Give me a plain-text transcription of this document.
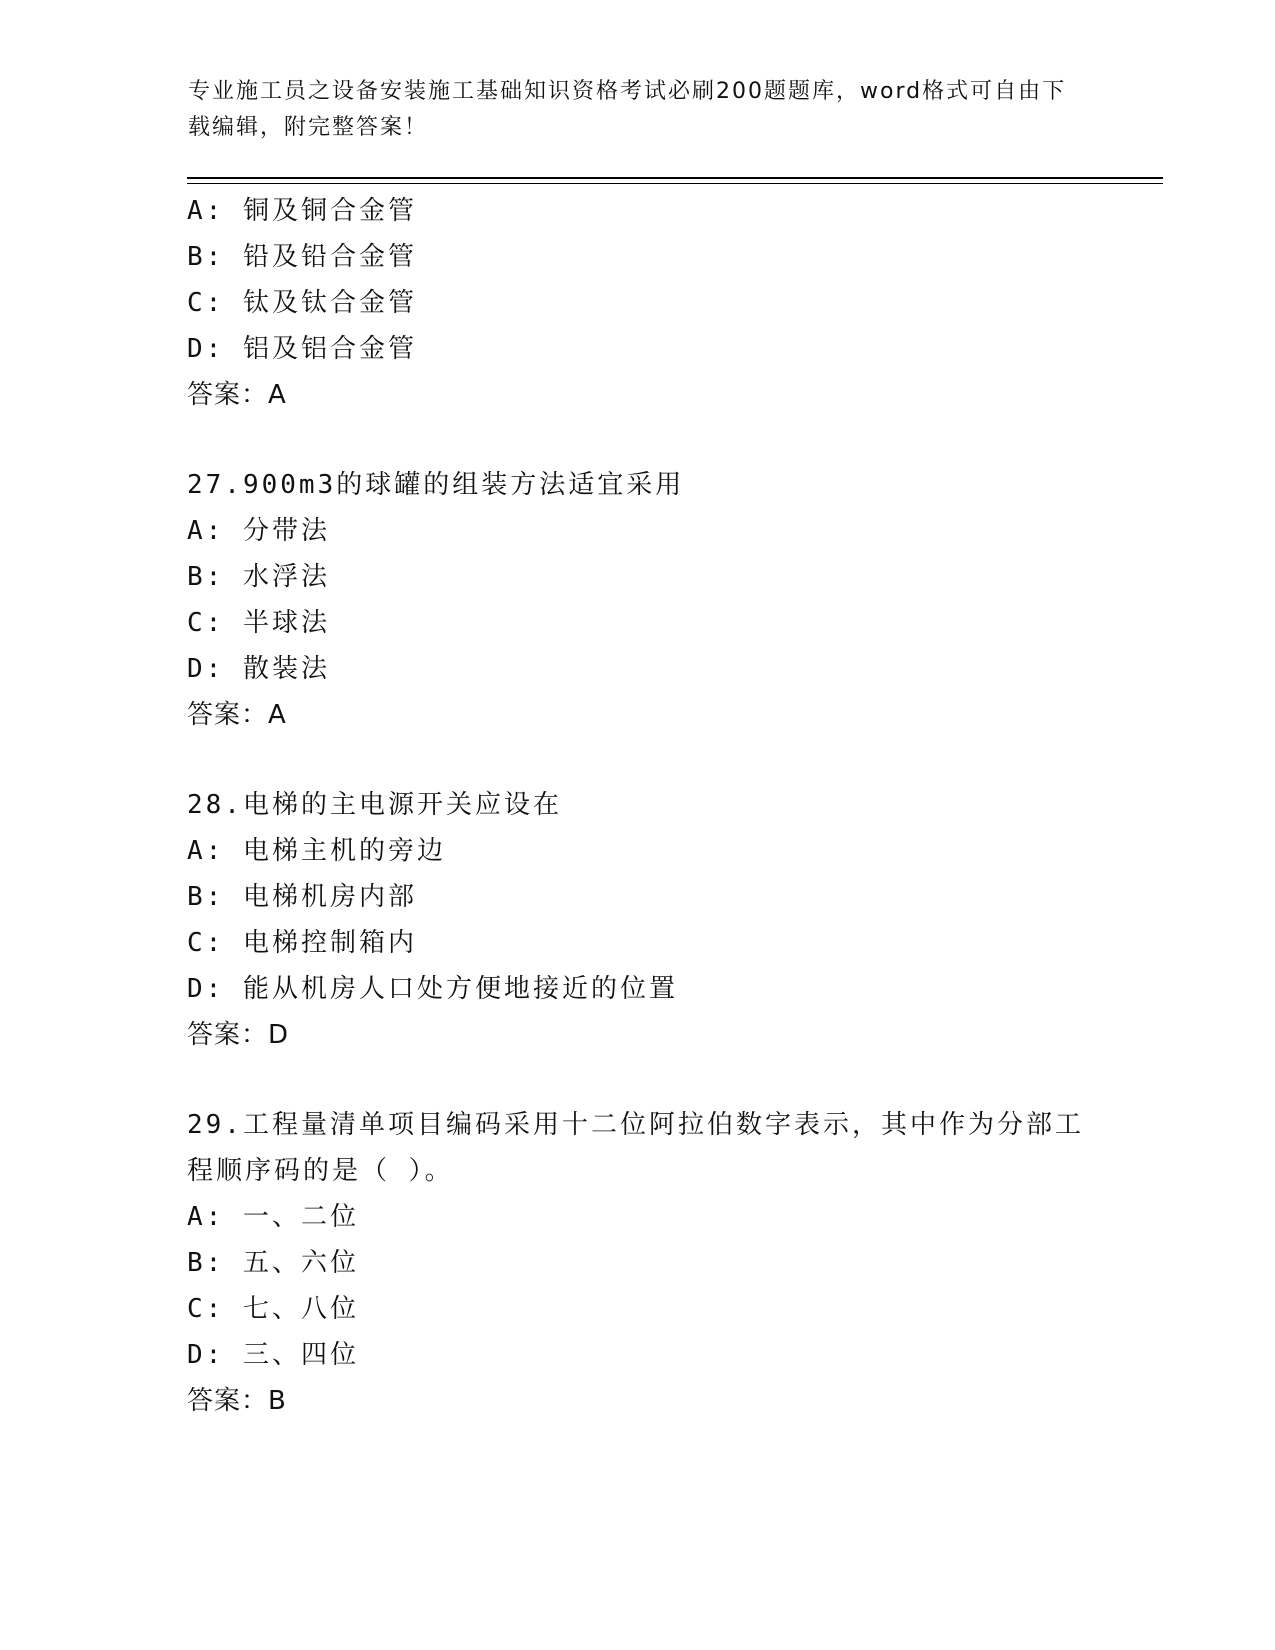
专业施工员之设备安装施工基础知识资格考试必刷200题题库，word格式可自由下载编辑，附完整答案！
A: 铜及铜合金管
B: 铅及铅合金管
C: 钛及钛合金管
D: 铝及铝合金管
答案：A
27.900m3的球罐的组装方法适宜采用
A: 分带法
B: 水浮法
C: 半球法
D: 散装法
答案：A
28.电梯的主电源开关应设在
A: 电梯主机的旁边
B: 电梯机房内部
C: 电梯控制箱内
D: 能从机房人口处方便地接近的位置
答案：D
29.工程量清单项目编码采用十二位阿拉伯数字表示，其中作为分部工程顺序码的是（ ）。
A: 一、二位
B: 五、六位
C: 七、八位
D: 三、四位
答案：B
